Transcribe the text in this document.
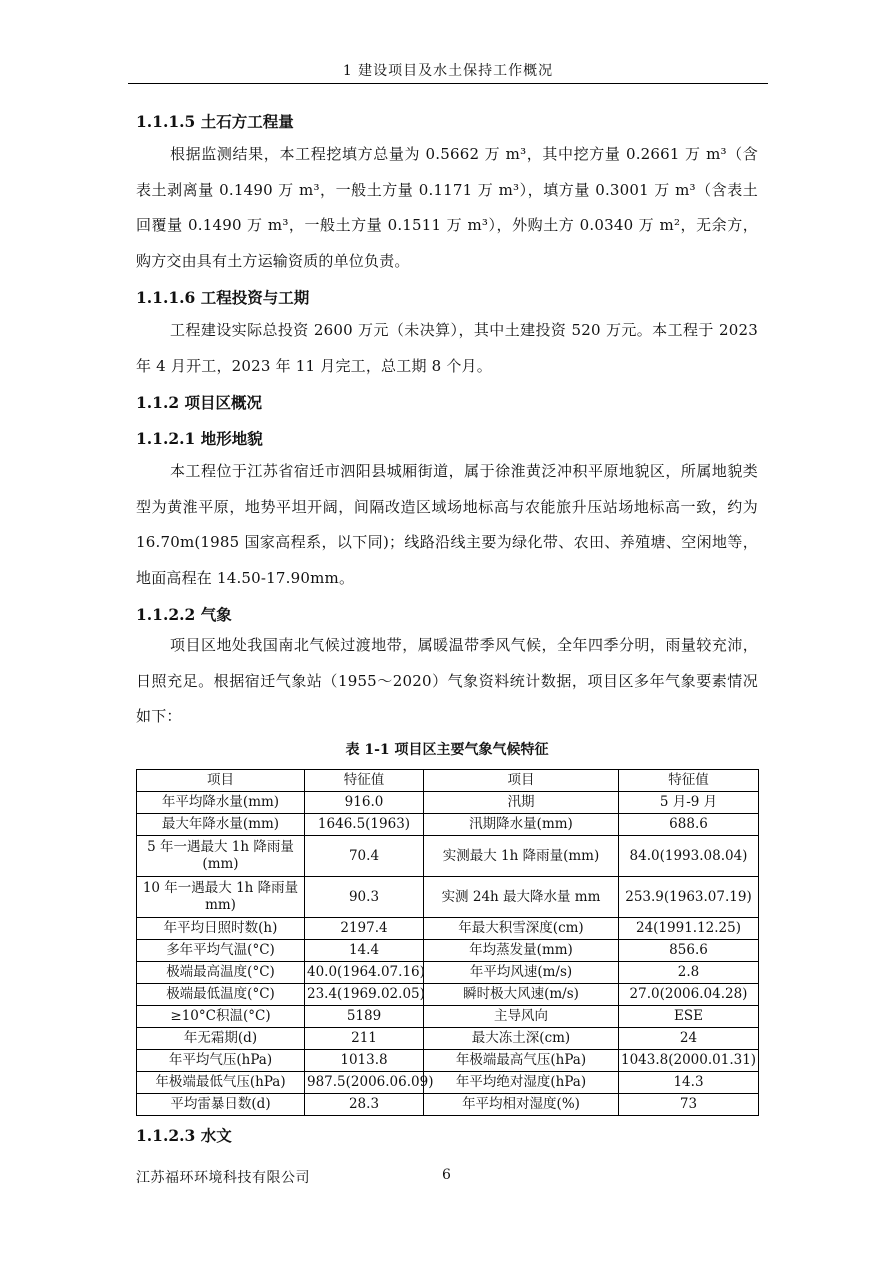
1 建设项目及水土保持工作概况
1.1.1.5 土石方工程量
根据监测结果，本工程挖填方总量为 0.5662 万 m³，其中挖方量 0.2661 万 m³（含表土剥离量 0.1490 万 m³，一般土方量 0.1171 万 m³），填方量 0.3001 万 m³（含表土回覆量 0.1490 万 m³，一般土方量 0.1511 万 m³），外购土方 0.0340 万 m²，无余方，购方交由具有土方运输资质的单位负责。
1.1.1.6 工程投资与工期
工程建设实际总投资 2600 万元（未决算），其中土建投资 520 万元。本工程于 2023 年 4 月开工，2023 年 11 月完工，总工期 8 个月。
1.1.2 项目区概况
1.1.2.1 地形地貌
本工程位于江苏省宿迁市泗阳县城厢街道，属于徐淮黄泛冲积平原地貌区，所属地貌类型为黄淮平原，地势平坦开阔，间隔改造区域场地标高与农能旅升压站场地标高一致，约为 16.70m(1985 国家高程系，以下同)；线路沿线主要为绿化带、农田、养殖塘、空闲地等，地面高程在 14.50-17.90mm。
1.1.2.2 气象
项目区地处我国南北气候过渡地带，属暖温带季风气候，全年四季分明，雨量较充沛，日照充足。根据宿迁气象站（1955～2020）气象资料统计数据，项目区多年气象要素情况如下：
表 1-1 项目区主要气象气候特征
项目	特征值	项目	特征值
年平均降水量(mm)	916.0	汛期	5 月-9 月
最大年降水量(mm)	1646.5(1963)	汛期降水量(mm)	688.6
5 年一遇最大 1h 降雨量(mm)	70.4	实测最大 1h 降雨量(mm)	84.0(1993.08.04)
10 年一遇最大 1h 降雨量 mm)	90.3	实测 24h 最大降水量 mm	253.9(1963.07.19)
年平均日照时数(h)	2197.4	年最大积雪深度(cm)	24(1991.12.25)
多年平均气温(°C)	14.4	年均蒸发量(mm)	856.6
极端最高温度(°C)	40.0(1964.07.16)	年平均风速(m/s)	2.8
极端最低温度(°C)	23.4(1969.02.05)	瞬时极大风速(m/s)	27.0(2006.04.28)
≥10°C积温(°C)	5189	主导风向	ESE
年无霜期(d)	211	最大冻土深(cm)	24
年平均气压(hPa)	1013.8	年极端最高气压(hPa)	1043.8(2000.01.31)
年极端最低气压(hPa)	987.5(2006.06.09)	年平均绝对湿度(hPa)	14.3
平均雷暴日数(d)	28.3	年平均相对湿度(%)	73
1.1.2.3 水文
江苏福环环境科技有限公司	6
